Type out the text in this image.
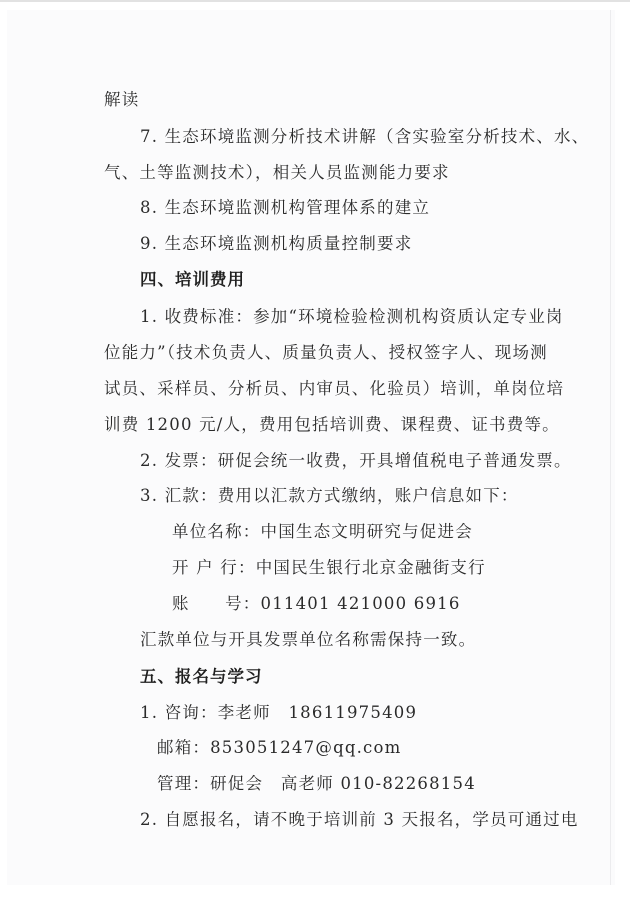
解读
7. 生态环境监测分析技术讲解（含实验室分析技术、水、
气、土等监测技术），相关人员监测能力要求
8. 生态环境监测机构管理体系的建立
9. 生态环境监测机构质量控制要求
四、培训费用
1. 收费标准：参加“环境检验检测机构资质认定专业岗
位能力”（技术负责人、质量负责人、授权签字人、现场测
试员、采样员、分析员、内审员、化验员）培训，单岗位培
训费 1200 元/人，费用包括培训费、课程费、证书费等。
2. 发票：研促会统一收费，开具增值税电子普通发票。
3. 汇款：费用以汇款方式缴纳，账户信息如下：
单位名称：中国生态文明研究与促进会
开 户 行：中国民生银行北京金融街支行
账　　号：011401 421000 6916
汇款单位与开具发票单位名称需保持一致。
五、报名与学习
1. 咨询：李老师　18611975409
邮箱：853051247@qq.com
管理：研促会　高老师 010-82268154
2. 自愿报名，请不晚于培训前 3 天报名，学员可通过电
